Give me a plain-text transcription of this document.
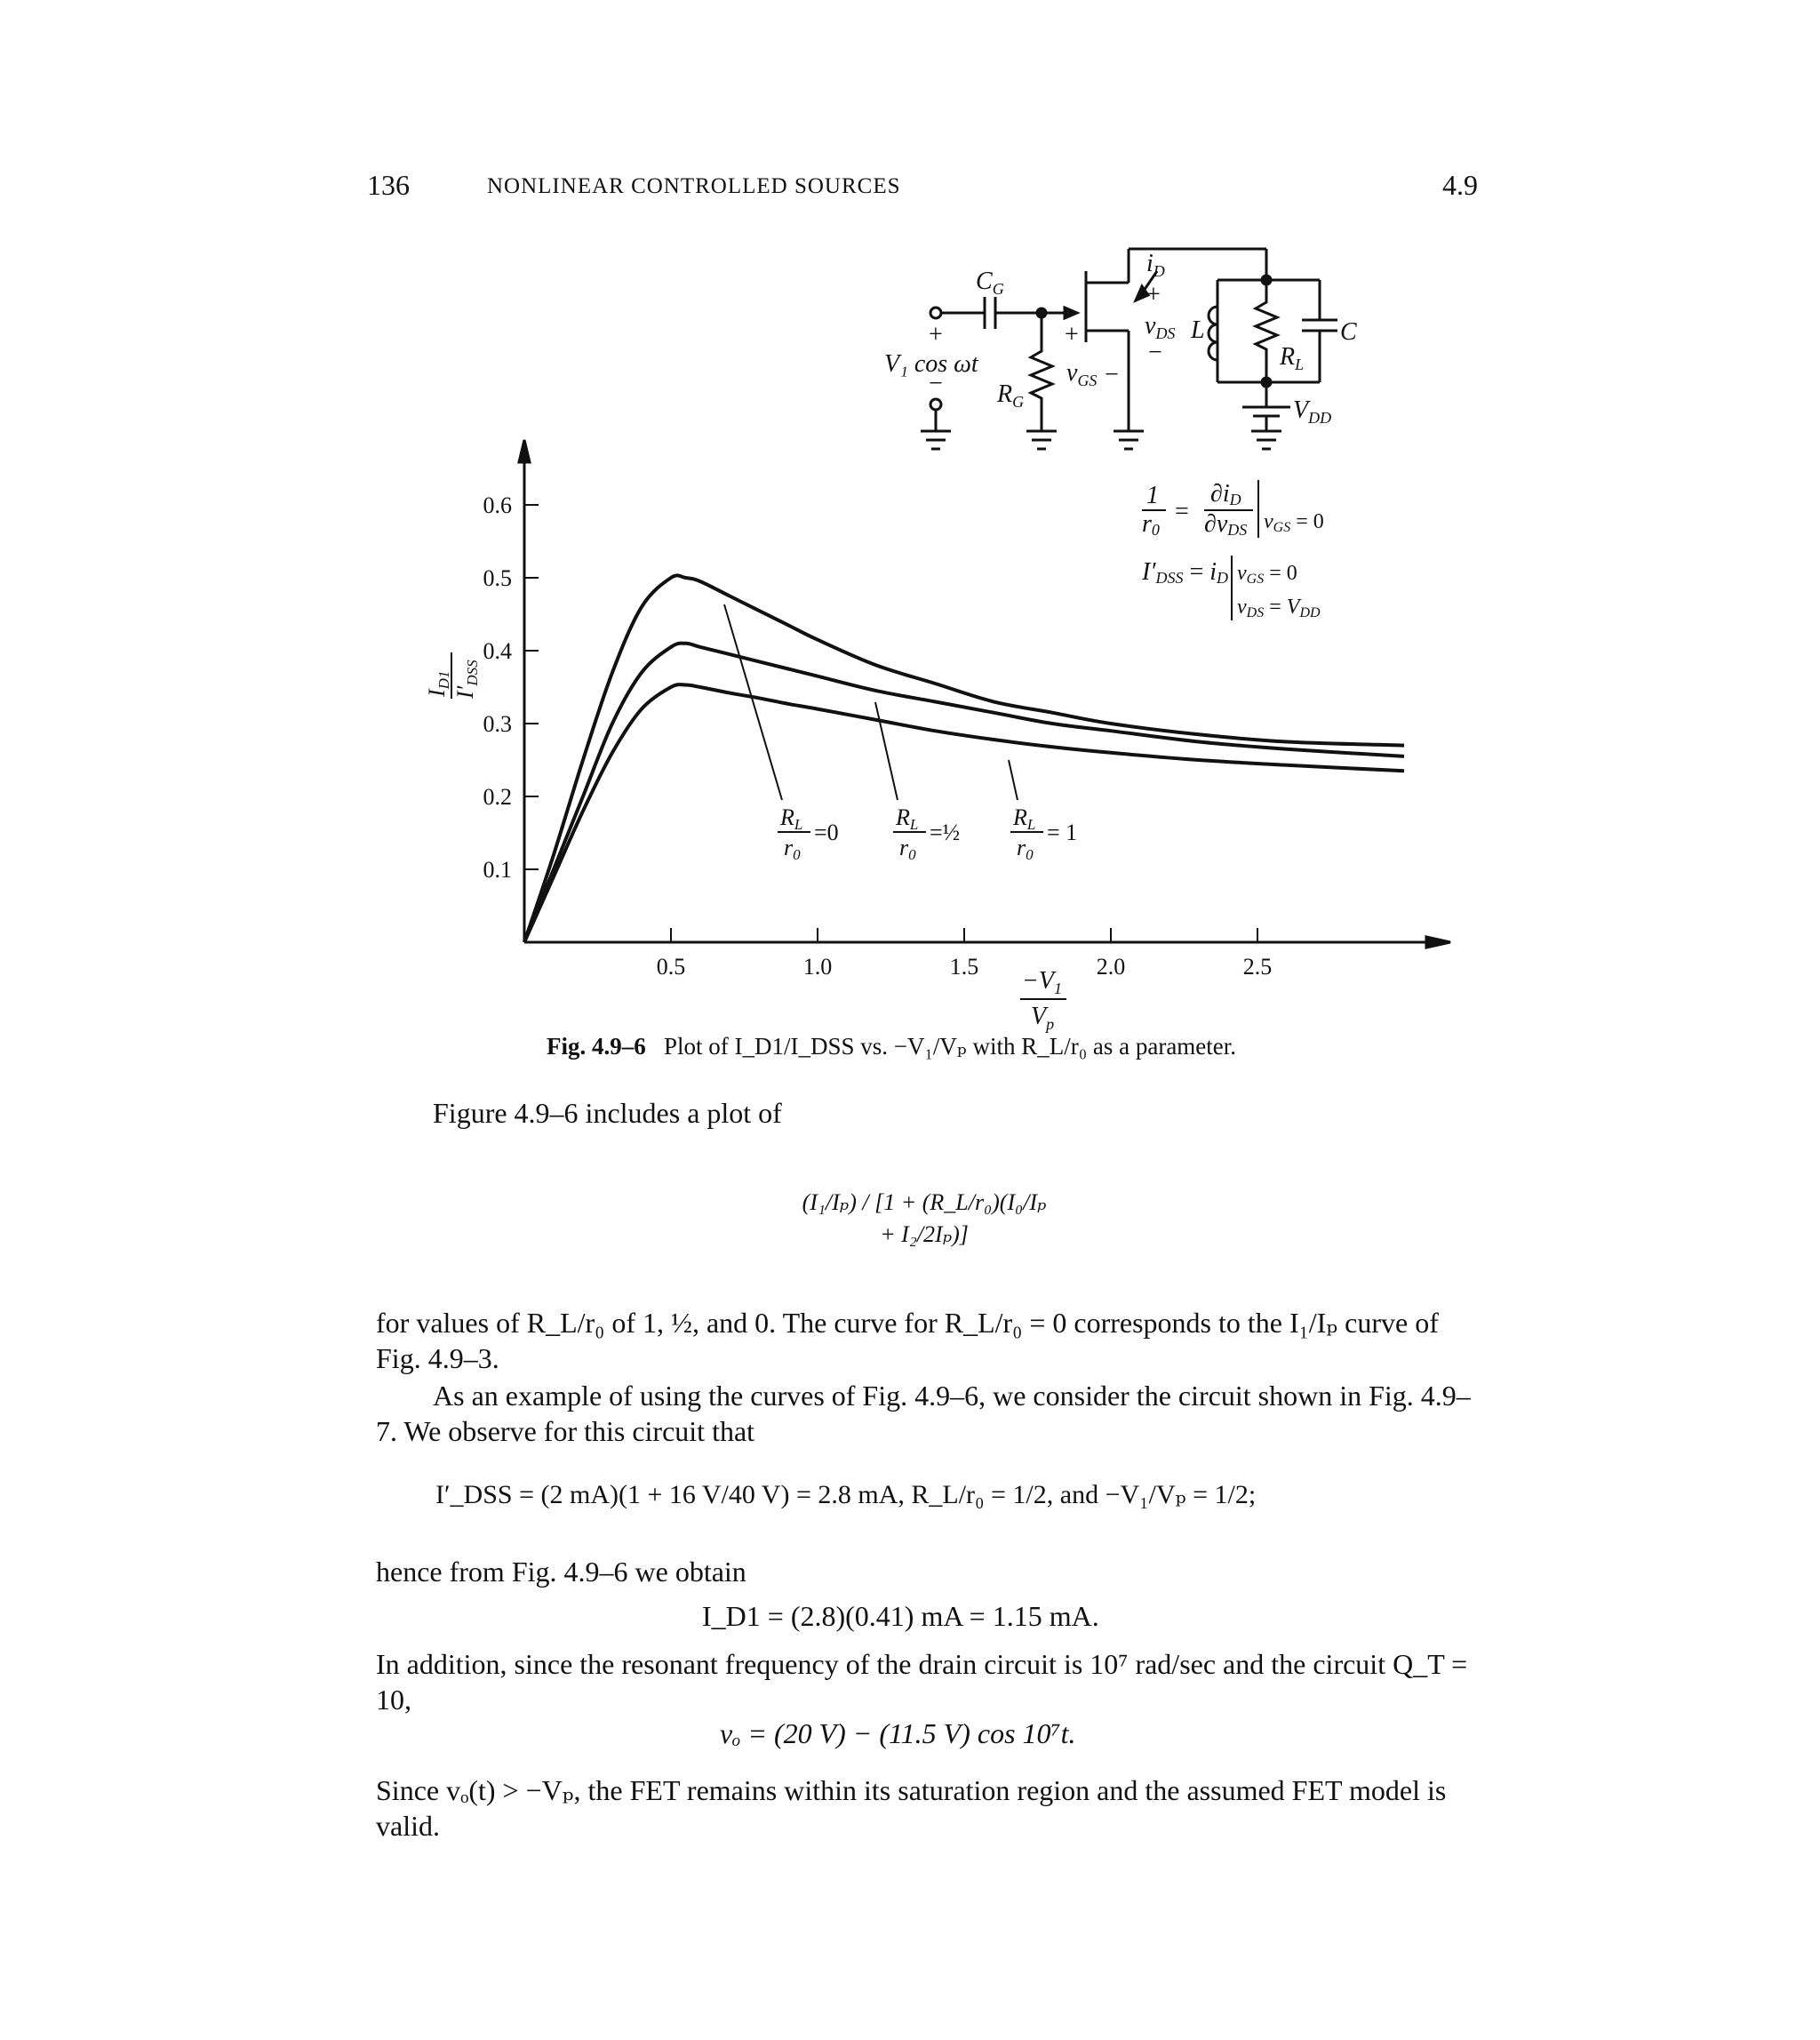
136	NONLINEAR CONTROLLED SOURCES	4.9
$C_G$
+
V₁ cos ωt
− $R_G$
+
$v_{GS}$ −
$i_D$
+
$v_{DS}$
−
L	C
$R_L$
$V_{DD}$
1
r0
=
∂iD
∂vDS vGS = 0
I′DSS = iD vGS = 0
vDS = VDD
0.5	1.0	1.5	2.0	2.5
0.1
0.2
0.3
0.4
0.5
0.6
RL
r0
=0
RL
r0
=½
RL
r0
= 1
ID1
I′DSS
$-V_1$
$V_p$
Fig. 4.9–6 Plot of I_D1/I_DSS vs. −V₁/Vₚ with R_L/r₀ as a parameter.
Figure 4.9–6 includes a plot of
(I₁/Iₚ) / [1 + (R_L/r₀)(I₀/Iₚ + I₂/2Iₚ)]
for values of R_L/r₀ of 1, ½, and 0. The curve for R_L/r₀ = 0 corresponds to the I₁/Iₚ curve of Fig. 4.9–3.
As an example of using the curves of Fig. 4.9–6, we consider the circuit shown in Fig. 4.9–7. We observe for this circuit that
I′_DSS = (2 mA)(1 + 16 V/40 V) = 2.8 mA, R_L/r₀ = 1/2, and −V₁/Vₚ = 1/2;
hence from Fig. 4.9–6 we obtain
I_D1 = (2.8)(0.41) mA = 1.15 mA.
In addition, since the resonant frequency of the drain circuit is 10⁷ rad/sec and the circuit Q_T = 10,
vₒ = (20 V) − (11.5 V) cos 10⁷t.
Since vₒ(t) > −Vₚ, the FET remains within its saturation region and the assumed FET model is valid.
